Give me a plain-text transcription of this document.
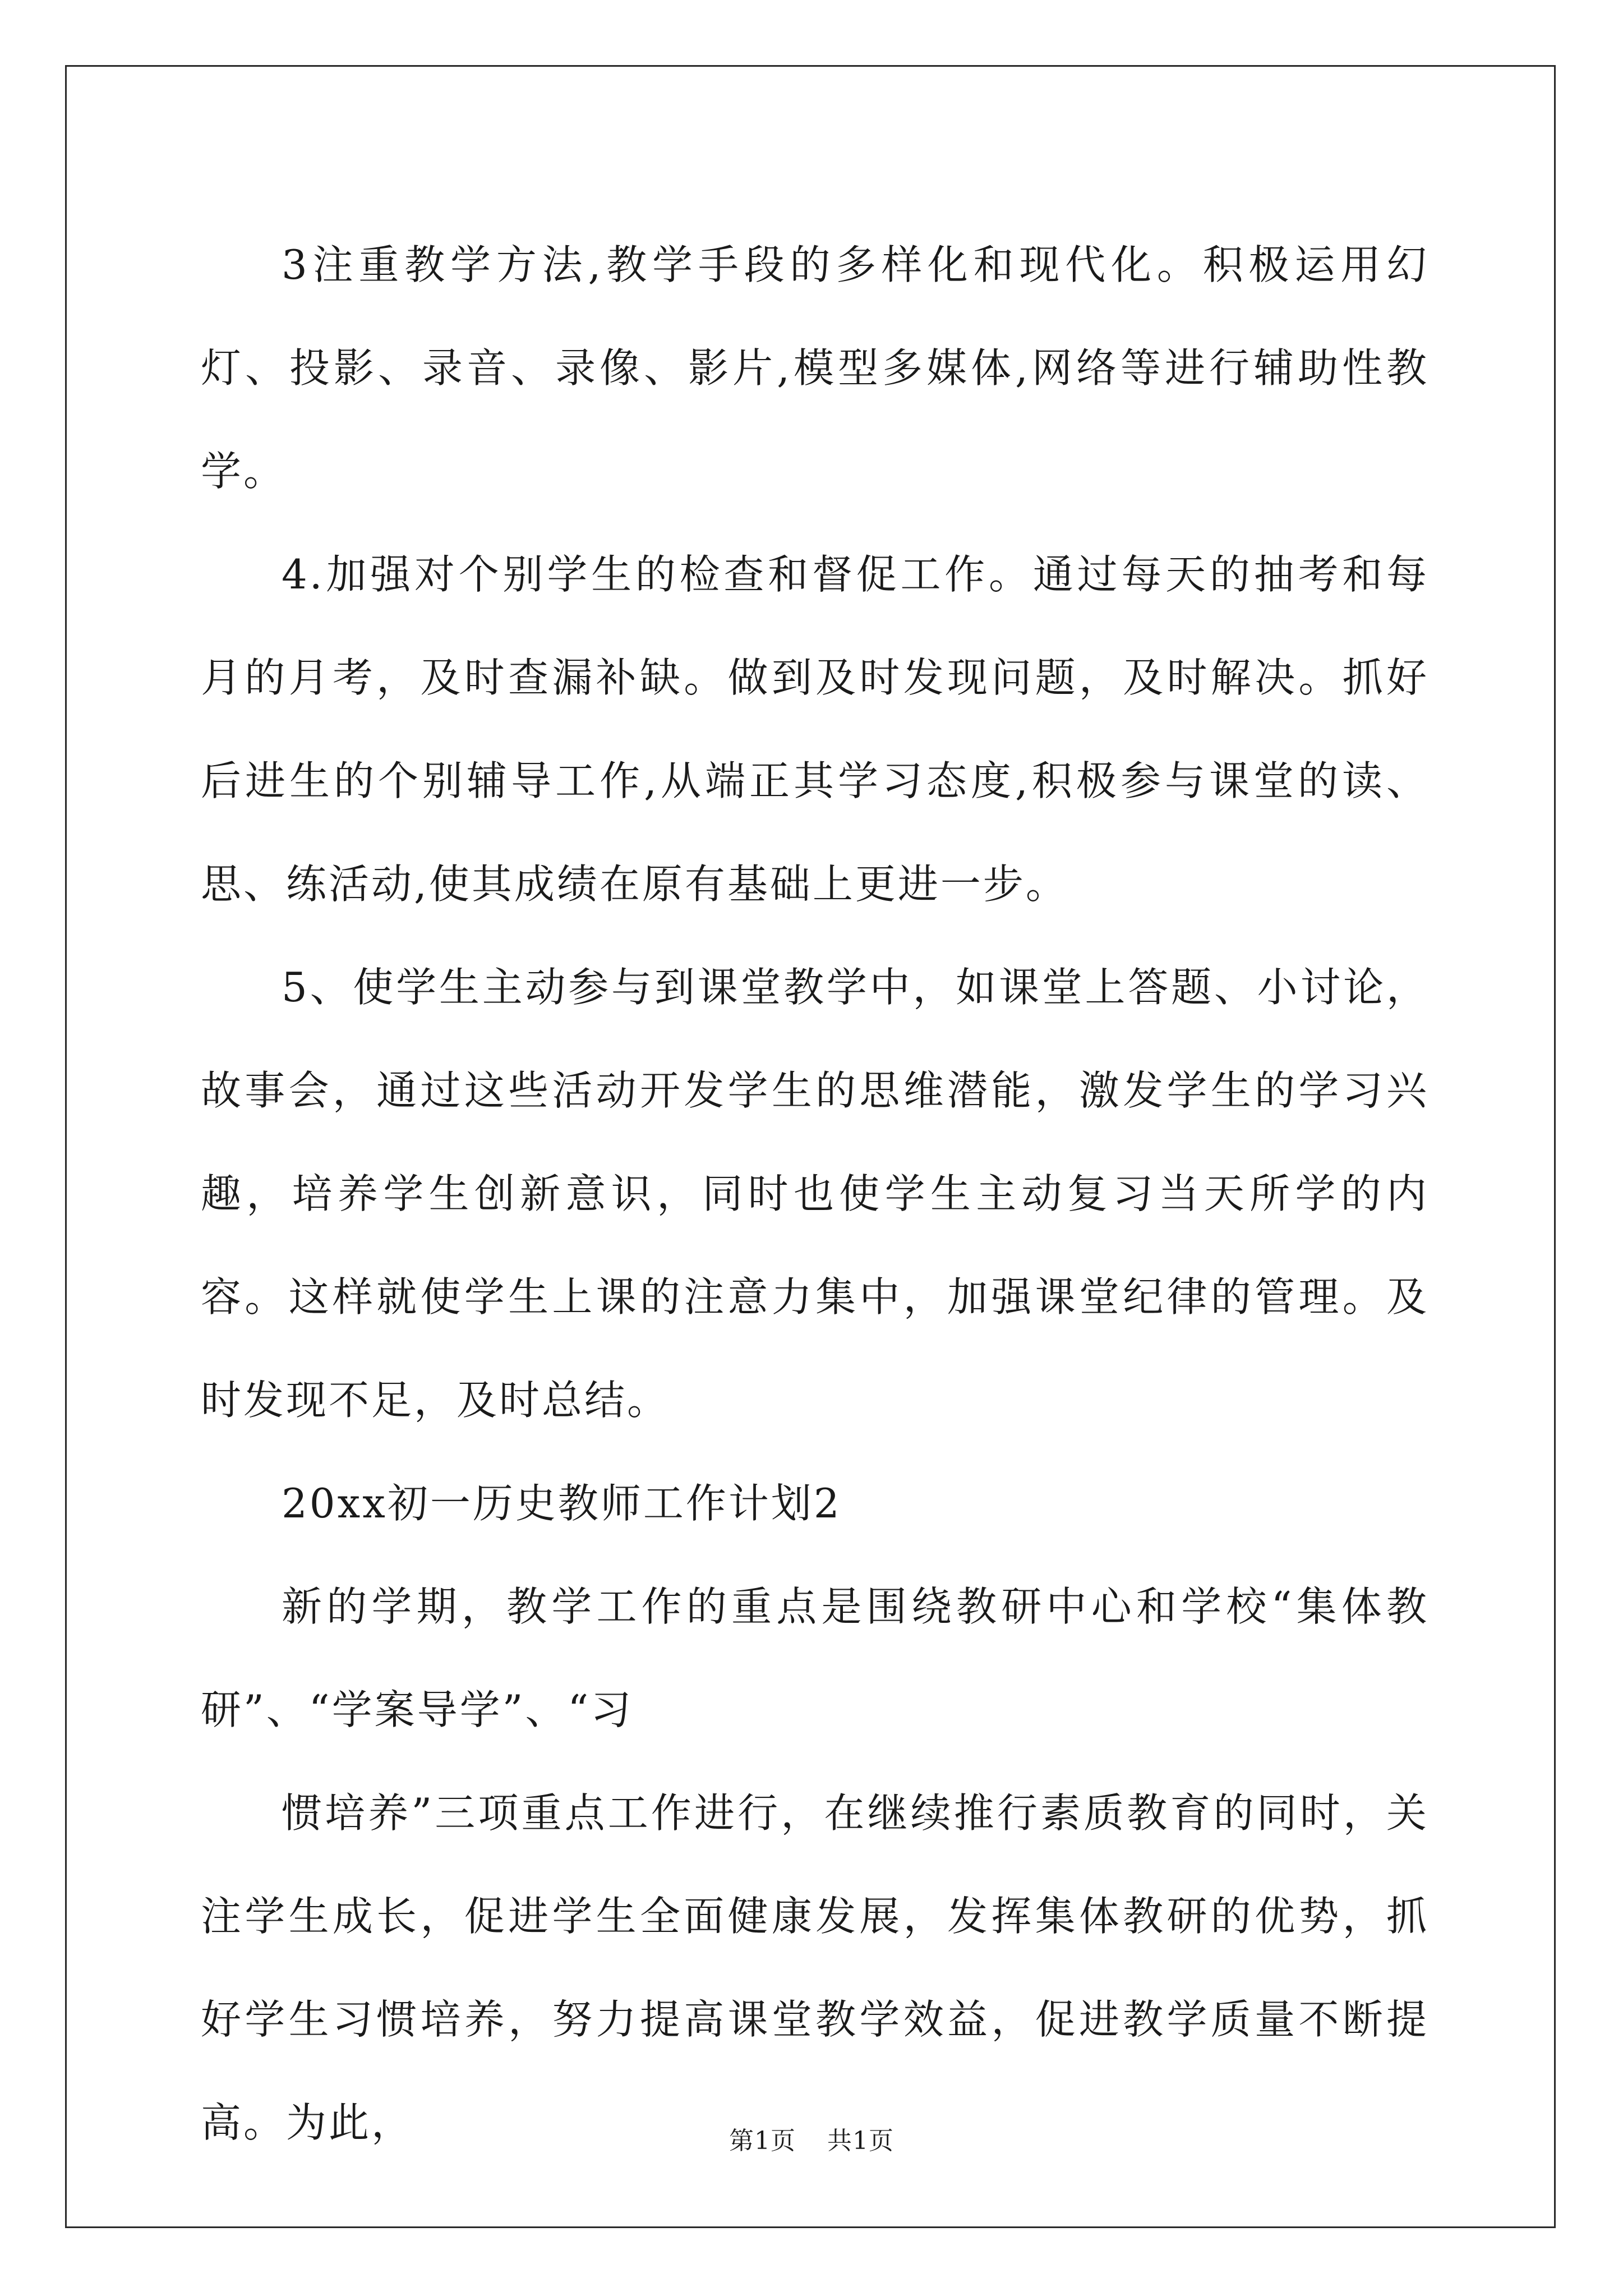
3注重教学方法,教学手段的多样化和现代化。积极运用幻灯、投影、录音、录像、影片,模型多媒体,网络等进行辅助性教学。

4.加强对个别学生的检查和督促工作。通过每天的抽考和每月的月考，及时查漏补缺。做到及时发现问题，及时解决。抓好后进生的个别辅导工作,从端正其学习态度,积极参与课堂的读、思、练活动,使其成绩在原有基础上更进一步。

5、使学生主动参与到课堂教学中，如课堂上答题、小讨论，故事会，通过这些活动开发学生的思维潜能，激发学生的学习兴趣，培养学生创新意识，同时也使学生主动复习当天所学的内容。这样就使学生上课的注意力集中，加强课堂纪律的管理。及时发现不足，及时总结。

20xx初一历史教师工作计划2

新的学期，教学工作的重点是围绕教研中心和学校“集体教研”、“学案导学”、“习

惯培养”三项重点工作进行，在继续推行素质教育的同时，关注学生成长，促进学生全面健康发展，发挥集体教研的优势，抓好学生习惯培养，努力提高课堂教学效益，促进教学质量不断提高。为此，	第1页 共1页
